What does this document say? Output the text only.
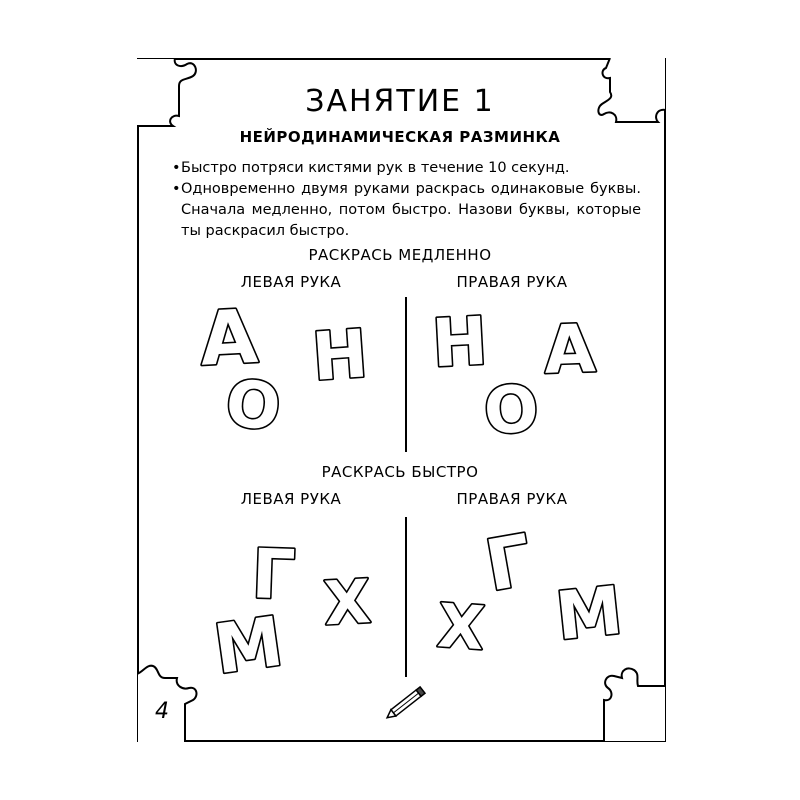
ЗАНЯТИЕ 1
НЕЙРОДИНАМИЧЕСКАЯ РАЗМИНКА
•Быстро потряси кистями рук в течение 10 секунд.
• Одновременно двумя руками раскрась одинаковые буквы. Сначала медленно, потом быстро. Назови буквы, которые ты раскрасил быстро.
РАСКРАСЬ МЕДЛЕННО
ЛЕВАЯ РУКА	ПРАВАЯ РУКА
РАСКРАСЬ БЫСТРО
ЛЕВАЯ РУКА	ПРАВАЯ РУКА
А Н
О
Н А
О
Г Х
М
Г
Х М
4
